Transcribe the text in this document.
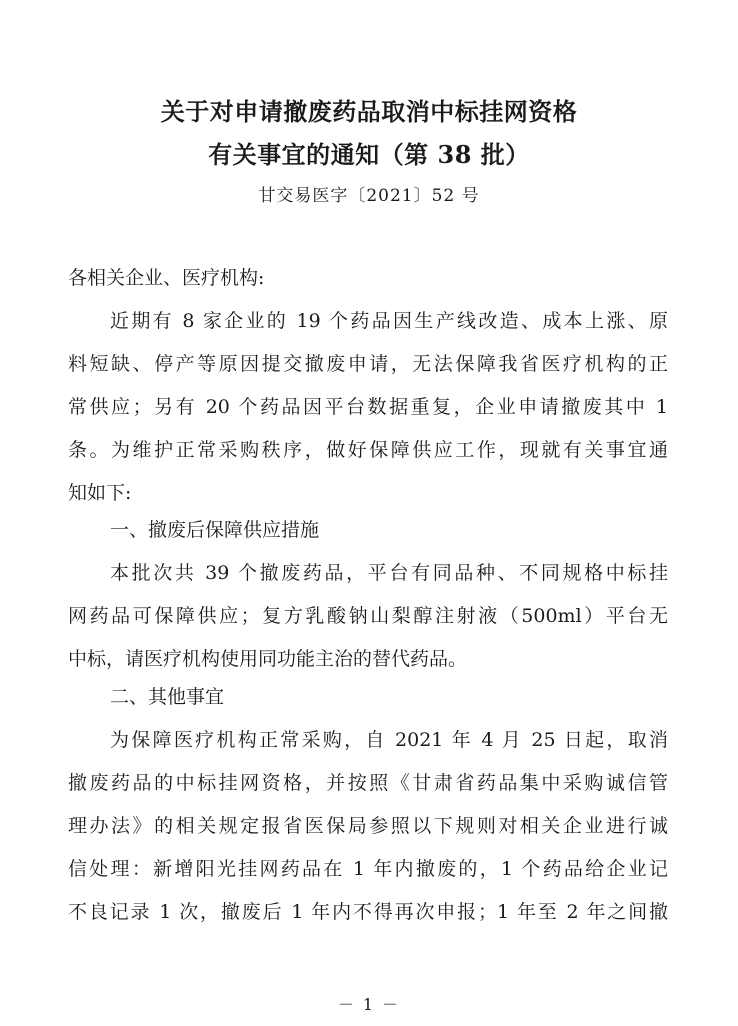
关于对申请撤废药品取消中标挂网资格
有关事宜的通知（第 38 批）
甘交易医字〔2021〕52 号
各相关企业、医疗机构:
近期有 8 家企业的 19 个药品因生产线改造、成本上涨、原
料短缺、停产等原因提交撤废申请，无法保障我省医疗机构的正
常供应；另有 20 个药品因平台数据重复，企业申请撤废其中 1
条。为维护正常采购秩序，做好保障供应工作，现就有关事宜通
知如下:
一、撤废后保障供应措施
本批次共 39 个撤废药品，平台有同品种、不同规格中标挂
网药品可保障供应；复方乳酸钠山梨醇注射液（500ml）平台无
中标，请医疗机构使用同功能主治的替代药品。
二、其他事宜
为保障医疗机构正常采购，自 2021 年 4 月 25 日起，取消
撤废药品的中标挂网资格，并按照《甘肃省药品集中采购诚信管
理办法》的相关规定报省医保局参照以下规则对相关企业进行诚
信处理：新增阳光挂网药品在 1 年内撤废的，1 个药品给企业记
不良记录 1 次，撤废后 1 年内不得再次申报；1 年至 2 年之间撤
－ 1 －
